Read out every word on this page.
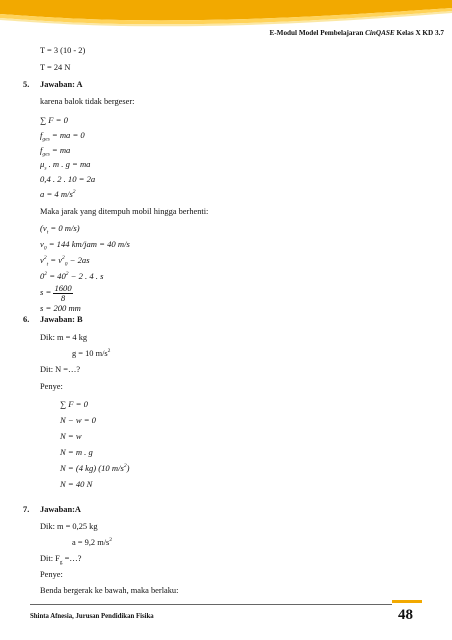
E-Modul Model Pembelajaran CinQASE Kelas X KD 3.7
T = 3 (10 - 2)
T = 24 N
5. Jawaban: A
karena balok tidak bergeser:
∑ F = 0
$f_{ges}$ = ma = 0
$f_{ges}$ = ma
$\mu_s$ . m . g = ma
0,4 . 2 . 10 = 2a
a = 4 $m/s^2$
Maka jarak yang ditempuh mobil hingga berhenti:
($v_t = 0$ m/s)
$v_0 = 144$ km/jam = 40 m/s
$v^2_t = v^2_0 - 2as$
$0^2 = 40^2 - 2$ . 4 . s
$s = \frac{1600}{8}$
s = 200 mm
6. Jawaban: B
Dik: m = 4 kg
g = 10 $m/s^2$
Dit: N =…?
Penye:
∑ F = 0
N − w = 0
N = w
N = m . g
N = (4 kg) (10 $m/s^2$)
N = 40 N
7. Jawaban:A
Dik: m = 0,25 kg
a = 9,2 $m/s^2$
Dit: $F_g$ =…?
Penye:
Benda bergerak ke bawah, maka berlaku:
Shinta Afnesia, Jurusan Pendidikan Fisika	48
